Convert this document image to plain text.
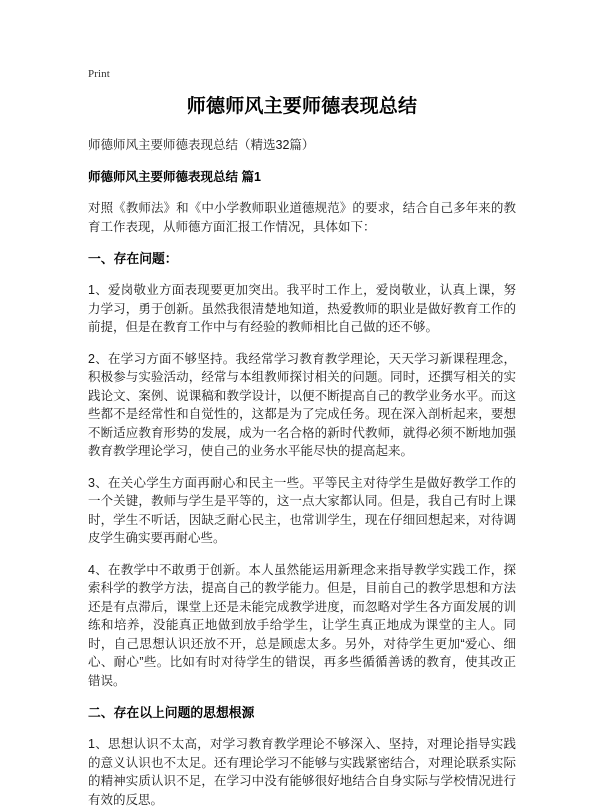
Print
师德师风主要师德表现总结

师德师风主要师德表现总结（精选32篇）

师德师风主要师德表现总结 篇1

对照《教师法》和《中小学教师职业道德规范》的要求，结合自己多年来的教育工作表现，从师德方面汇报工作情况，具体如下：

一、存在问题：

1、爱岗敬业方面表现要更加突出。我平时工作上，爱岗敬业，认真上课，努力学习，勇于创新。虽然我很清楚地知道，热爱教师的职业是做好教育工作的前提，但是在教育工作中与有经验的教师相比自己做的还不够。

2、在学习方面不够坚持。我经常学习教育教学理论，天天学习新课程理念，积极参与实验活动，经常与本组教师探讨相关的问题。同时，还撰写相关的实践论文、案例、说课稿和教学设计，以便不断提高自己的教学业务水平。而这些都不是经常性和自觉性的，这都是为了完成任务。现在深入剖析起来，要想不断适应教育形势的发展，成为一名合格的新时代教师，就得必须不断地加强教育教学理论学习，使自己的业务水平能尽快的提高起来。

3、在关心学生方面再耐心和民主一些。平等民主对待学生是做好教学工作的一个关键，教师与学生是平等的，这一点大家都认同。但是，我自己有时上课时，学生不听话，因缺乏耐心民主，也常训学生，现在仔细回想起来，对待调皮学生确实要再耐心些。

4、在教学中不敢勇于创新。本人虽然能运用新理念来指导教学实践工作，探索科学的教学方法，提高自己的教学能力。但是，目前自己的教学思想和方法还是有点滞后，课堂上还是未能完成教学进度，而忽略对学生各方面发展的训练和培养，没能真正地做到放手给学生，让学生真正地成为课堂的主人。同时，自己思想认识还放不开，总是顾虑太多。另外，对待学生更加“爱心、细心、耐心”些。比如有时对待学生的错误，再多些循循善诱的教育，使其改正错误。

二、存在以上问题的思想根源

1、思想认识不太高，对学习教育教学理论不够深入、坚持，对理论指导实践的意义认识也不太足。还有理论学习不能够与实践紧密结合，对理论联系实际的精神实质认识不足，在学习中没有能够很好地结合自身实际与学校情况进行有效的反思。
